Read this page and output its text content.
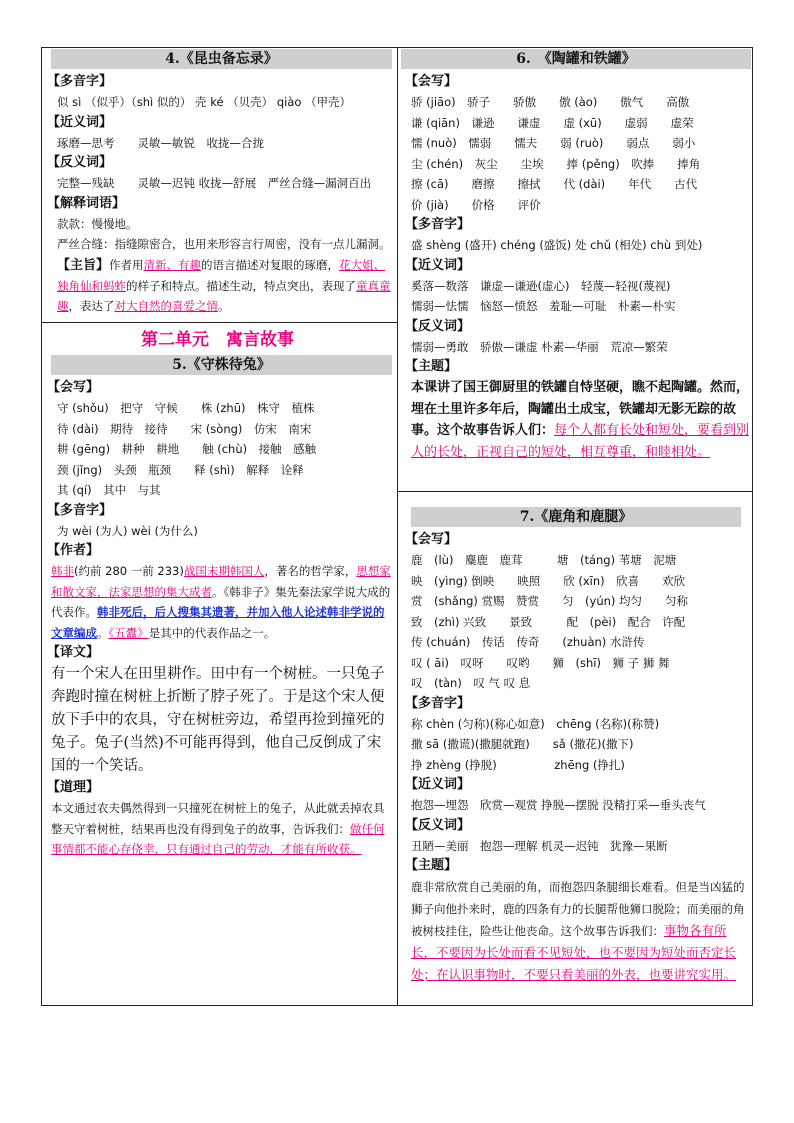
4.《昆虫备忘录》
【多音字】
似 sì （似乎）（shì 似的） 壳 ké （贝壳） qiào （甲壳）
【近义词】
琢磨—思考　　灵敏—敏锐　收拢—合拢
【反义词】
完整—残缺　　灵敏—迟钝 收拢—舒展　严丝合缝—漏洞百出
【解释词语】
款款：慢慢地。
严丝合缝：指缝隙密合，也用来形容言行周密，没有一点儿漏洞。
【主旨】作者用清新、有趣的语言描述对复眼的琢磨，花大姐、独角仙和蚂蚱的样子和特点。描述生动，特点突出，表现了童真童趣，表达了对大自然的喜爱之情。
第二单元　寓言故事
5.《守株待兔》
【会写】
守 (shǒu)　把守　守候　　株 (zhū)　株守　植株
待 (dài)　期待　接待　　宋 (sòng)　仿宋　南宋
耕 (gēng)　耕种　耕地　　触 (chù)　接触　感触
颈 (jǐng)　头颈　瓶颈　　释 (shì)　解释　诠释
其 (qí)　其中　与其
【多音字】
为 wèi (为人) wèi (为什么)
【作者】
韩非(约前 280 一前 233)战国末期韩国人，著名的哲学家，思想家和散文家，法家思想的集大成者。《韩非子》集先秦法家学说大成的代表作。韩非死后，后人搜集其遗著，并加入他人论述韩非学说的文章编成。《五蠹》是其中的代表作品之一。
【译文】
有一个宋人在田里耕作。田中有一个树桩。一只兔子奔跑时撞在树桩上折断了脖子死了。于是这个宋人便放下手中的农具，守在树桩旁边，希望再捡到撞死的兔子。兔子(当然)不可能再得到，他自己反倒成了宋国的一个笑话。
【道理】
本文通过农夫偶然得到一只撞死在树桩上的兔子，从此就丢掉农具整天守着树桩，结果再也没有得到兔子的故事，告诉我们：做任何事情都不能心存侥幸，只有通过自己的劳动，才能有所收获。
6.　《陶罐和铁罐》
【会写】
骄 (jiāo)　骄子　　骄傲　　傲 (ào)　　傲气　　高傲
谦 (qiān)　谦逊　　谦虚　　虚 (xū)　　虚弱　　虚荣
懦 (nuò)　懦弱　　懦夫　　弱 (ruò)　　弱点　　弱小
尘 (chén)　灰尘　　尘埃　　捧 (pěng)　吹捧　　捧角
擦 (cā)　　磨擦　　擦拭　　代 (dài)　　年代　　古代
价 (jià)　　价格　　评价
【多音字】
盛 shèng (盛开) chéng (盛饭) 处 chǔ (相处) chù 到处)
【近义词】
奚落—数落　谦虚—谦逊(虚心)　轻蔑—轻视(蔑视)
懦弱—怯懦　恼怒—愤怒　羞耻—可耻　朴素—朴实
【反义词】
懦弱—勇敢　骄傲—谦虚 朴素—华丽　荒凉—繁荣
【主题】
本课讲了国王御厨里的铁罐自恃坚硬，瞧不起陶罐。然而，埋在土里许多年后，陶罐出土成宝，铁罐却无影无踪的故事。这个故事告诉人们：每个人都有长处和短处，要看到别人的长处，正视自己的短处，相互尊重，和睦相处。
7.《鹿角和鹿腿》
【会写】
鹿　(lù)　麋鹿　鹿茸　　　塘　(táng) 苇塘　泥塘
映　(yìng) 倒映　　映照　　欣 (xīn)　欣喜　　欢欣
赏　(shǎng) 赏赐　赞赏　　匀　(yún) 均匀　　匀称
致　(zhì) 兴致　　景致　　　配　(pèi)　配合　许配
传 (chuán)　传话　传奇　　(zhuàn) 水浒传
叹 ( āi)　叹呀　　叹哟　　狮　(shī)　狮 子 狮 舞
叹　(tàn)　叹 气 叹 息
【多音字】
称 chèn (匀称)(称心如意)　chēng (名称)(称赞)
撒 sā (撒谎)(撒腿就跑)　　sǎ (撒花)(撒下)
挣 zhèng (挣脱)　　　　　zhēng (挣扎)
【近义词】
抱怨—埋怨　欣赏—观赏 挣脱—摆脱 没精打采—垂头丧气
【反义词】
丑陋—美丽　抱怨—理解 机灵—迟钝　犹豫—果断
【主题】
鹿非常欣赏自己美丽的角，而抱怨四条腿细长难看。但是当凶猛的狮子向他扑来时，鹿的四条有力的长腿帮他狮口脱险；而美丽的角被树枝挂住，险些让他丧命。这个故事告诉我们：事物各有所长，不要因为长处而看不见短处，也不要因为短处而否定长处；在认识事物时，不要只看美丽的外表，也要讲究实用。
